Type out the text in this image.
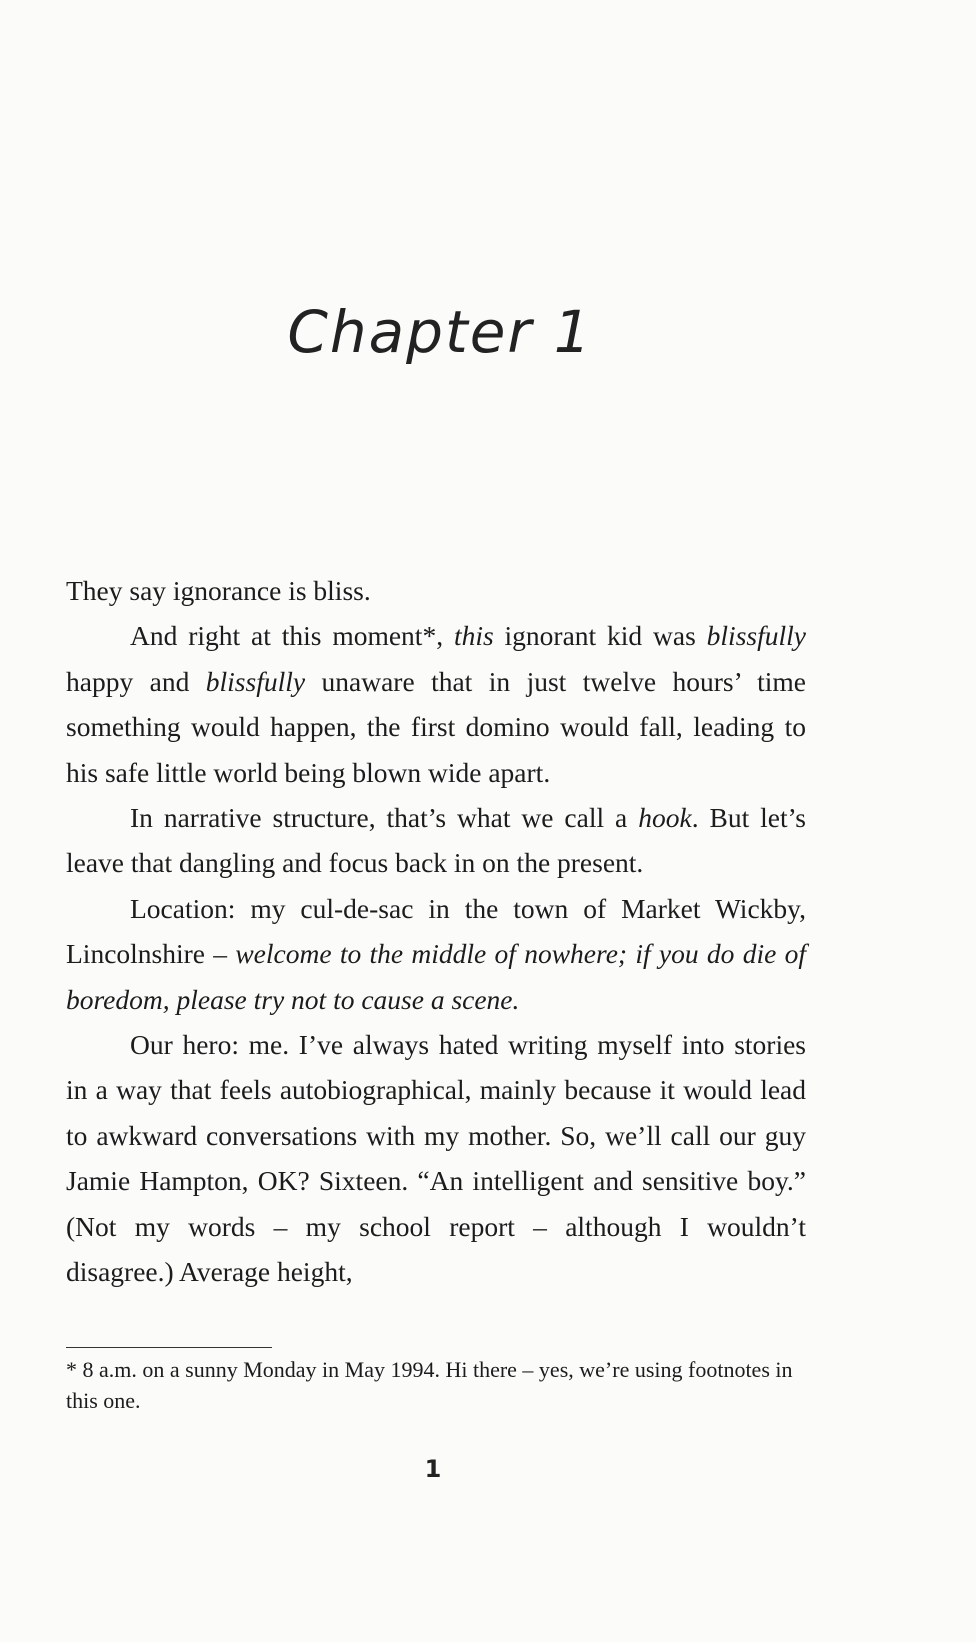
Chapter 1

They say ignorance is bliss.

And right at this moment*, this ignorant kid was blissfully happy and blissfully unaware that in just twelve hours’ time something would happen, the first domino would fall, leading to his safe little world being blown wide apart.

In narrative structure, that’s what we call a hook. But let’s leave that dangling and focus back in on the present.

Location: my cul-de-sac in the town of Market Wickby, Lincolnshire – welcome to the middle of nowhere; if you do die of boredom, please try not to cause a scene.

Our hero: me. I’ve always hated writing myself into stories in a way that feels autobiographical, mainly because it would lead to awkward conversations with my mother. So, we’ll call our guy Jamie Hampton, OK? Sixteen. “An intelligent and sensitive boy.” (Not my words – my school report – although I wouldn’t disagree.) Average height,

* 8 a.m. on a sunny Monday in May 1994. Hi there – yes, we’re using footnotes in this one.
1
